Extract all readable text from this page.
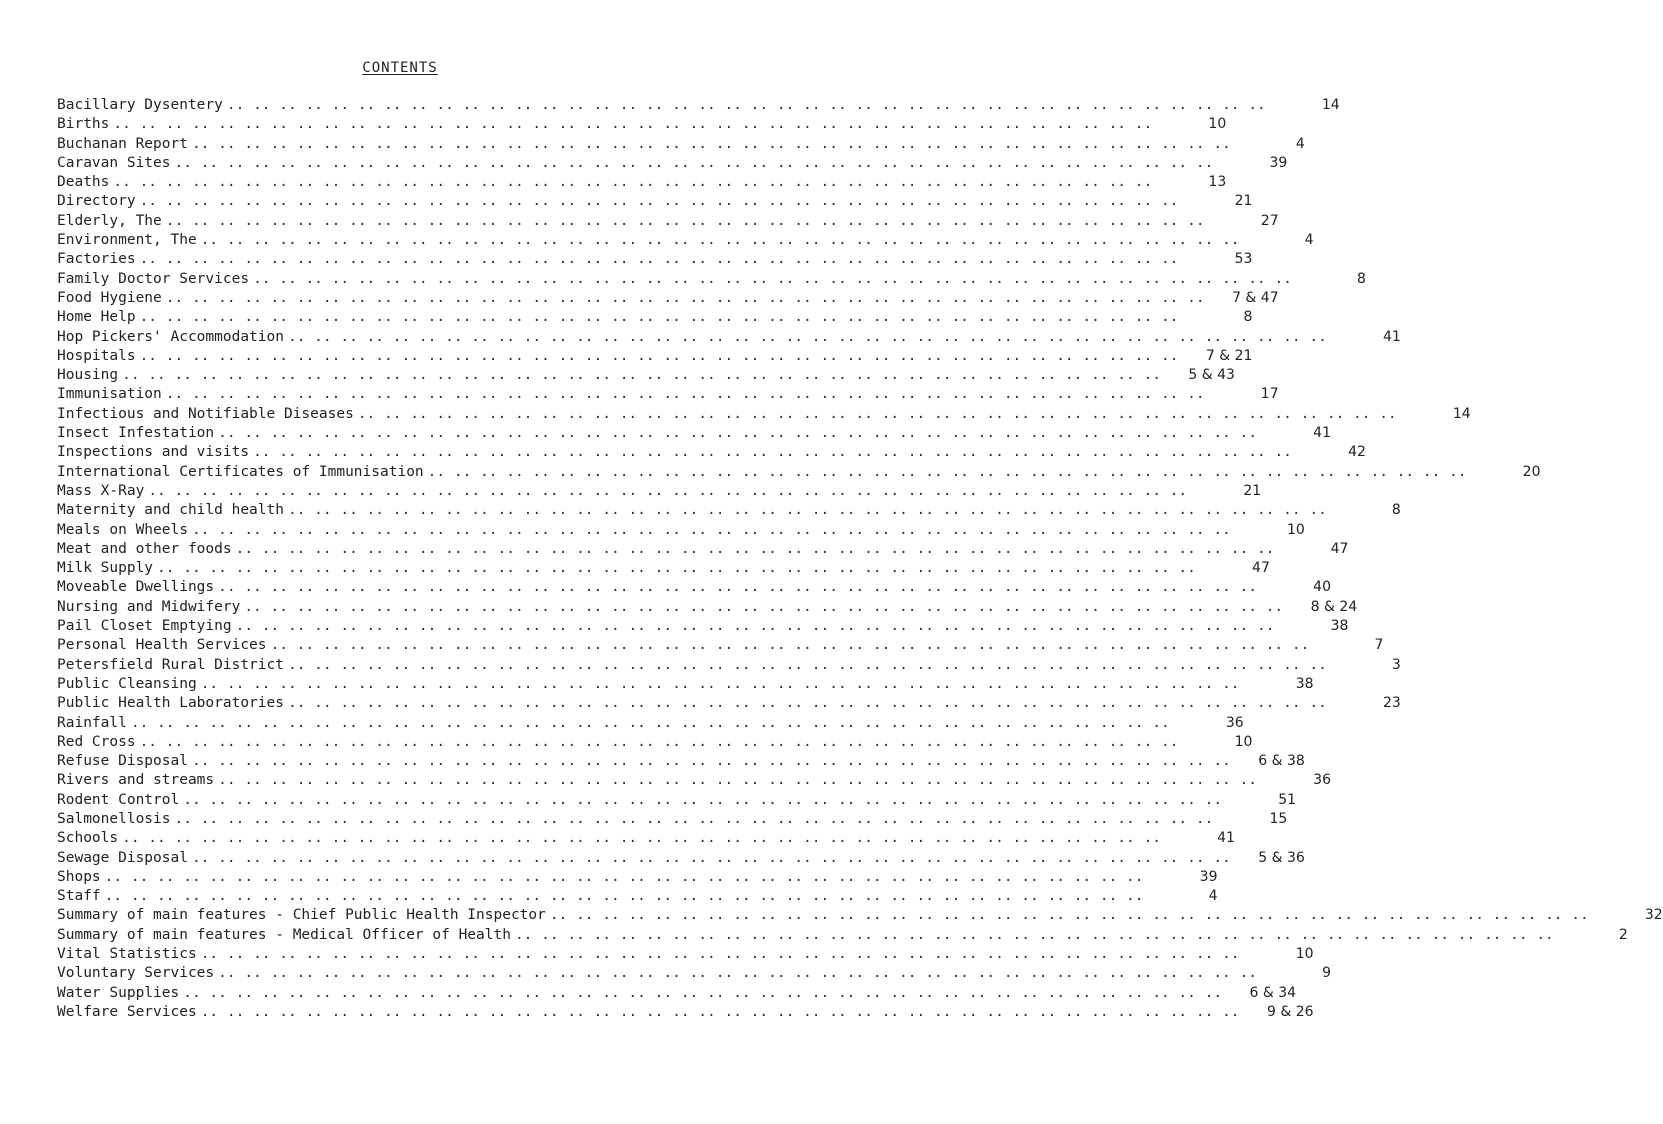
CONTENTS
Bacillary Dysentery .. .. .. .. .. .. .. .. .. .. .. .. .. .. .. .. .. .. .. .. .. .. .. .. .. .. .. .. .. .. .. .. .. .. .. .. .. .. .. ..	14
Births .. .. .. .. .. .. .. .. .. .. .. .. .. .. .. .. .. .. .. .. .. .. .. .. .. .. .. .. .. .. .. .. .. .. .. .. .. .. .. ..	10
Buchanan Report .. .. .. .. .. .. .. .. .. .. .. .. .. .. .. .. .. .. .. .. .. .. .. .. .. .. .. .. .. .. .. .. .. .. .. .. .. .. .. ..	4
Caravan Sites .. .. .. .. .. .. .. .. .. .. .. .. .. .. .. .. .. .. .. .. .. .. .. .. .. .. .. .. .. .. .. .. .. .. .. .. .. .. .. ..	39
Deaths .. .. .. .. .. .. .. .. .. .. .. .. .. .. .. .. .. .. .. .. .. .. .. .. .. .. .. .. .. .. .. .. .. .. .. .. .. .. .. ..	13
Directory .. .. .. .. .. .. .. .. .. .. .. .. .. .. .. .. .. .. .. .. .. .. .. .. .. .. .. .. .. .. .. .. .. .. .. .. .. .. .. ..	21
Elderly, The .. .. .. .. .. .. .. .. .. .. .. .. .. .. .. .. .. .. .. .. .. .. .. .. .. .. .. .. .. .. .. .. .. .. .. .. .. .. .. ..	27
Environment, The .. .. .. .. .. .. .. .. .. .. .. .. .. .. .. .. .. .. .. .. .. .. .. .. .. .. .. .. .. .. .. .. .. .. .. .. .. .. .. ..	4
Factories .. .. .. .. .. .. .. .. .. .. .. .. .. .. .. .. .. .. .. .. .. .. .. .. .. .. .. .. .. .. .. .. .. .. .. .. .. .. .. ..	53
Family Doctor Services .. .. .. .. .. .. .. .. .. .. .. .. .. .. .. .. .. .. .. .. .. .. .. .. .. .. .. .. .. .. .. .. .. .. .. .. .. .. .. ..	8
Food Hygiene .. .. .. .. .. .. .. .. .. .. .. .. .. .. .. .. .. .. .. .. .. .. .. .. .. .. .. .. .. .. .. .. .. .. .. .. .. .. .. ..	7 & 47
Home Help .. .. .. .. .. .. .. .. .. .. .. .. .. .. .. .. .. .. .. .. .. .. .. .. .. .. .. .. .. .. .. .. .. .. .. .. .. .. .. ..	8
Hop Pickers' Accommodation .. .. .. .. .. .. .. .. .. .. .. .. .. .. .. .. .. .. .. .. .. .. .. .. .. .. .. .. .. .. .. .. .. .. .. .. .. .. .. ..	41
Hospitals .. .. .. .. .. .. .. .. .. .. .. .. .. .. .. .. .. .. .. .. .. .. .. .. .. .. .. .. .. .. .. .. .. .. .. .. .. .. .. ..	7 & 21
Housing .. .. .. .. .. .. .. .. .. .. .. .. .. .. .. .. .. .. .. .. .. .. .. .. .. .. .. .. .. .. .. .. .. .. .. .. .. .. .. ..	5 & 43
Immunisation .. .. .. .. .. .. .. .. .. .. .. .. .. .. .. .. .. .. .. .. .. .. .. .. .. .. .. .. .. .. .. .. .. .. .. .. .. .. .. ..	17
Infectious and Notifiable Diseases .. .. .. .. .. .. .. .. .. .. .. .. .. .. .. .. .. .. .. .. .. .. .. .. .. .. .. .. .. .. .. .. .. .. .. .. .. .. .. ..	14
Insect Infestation .. .. .. .. .. .. .. .. .. .. .. .. .. .. .. .. .. .. .. .. .. .. .. .. .. .. .. .. .. .. .. .. .. .. .. .. .. .. .. ..	41
Inspections and visits .. .. .. .. .. .. .. .. .. .. .. .. .. .. .. .. .. .. .. .. .. .. .. .. .. .. .. .. .. .. .. .. .. .. .. .. .. .. .. ..	42
International Certificates of Immunisation .. .. .. .. .. .. .. .. .. .. .. .. .. .. .. .. .. .. .. .. .. .. .. .. .. .. .. .. .. .. .. .. .. .. .. .. .. .. .. ..	20
Mass X-Ray .. .. .. .. .. .. .. .. .. .. .. .. .. .. .. .. .. .. .. .. .. .. .. .. .. .. .. .. .. .. .. .. .. .. .. .. .. .. .. ..	21
Maternity and child health .. .. .. .. .. .. .. .. .. .. .. .. .. .. .. .. .. .. .. .. .. .. .. .. .. .. .. .. .. .. .. .. .. .. .. .. .. .. .. ..	8
Meals on Wheels .. .. .. .. .. .. .. .. .. .. .. .. .. .. .. .. .. .. .. .. .. .. .. .. .. .. .. .. .. .. .. .. .. .. .. .. .. .. .. ..	10
Meat and other foods .. .. .. .. .. .. .. .. .. .. .. .. .. .. .. .. .. .. .. .. .. .. .. .. .. .. .. .. .. .. .. .. .. .. .. .. .. .. .. ..	47
Milk Supply .. .. .. .. .. .. .. .. .. .. .. .. .. .. .. .. .. .. .. .. .. .. .. .. .. .. .. .. .. .. .. .. .. .. .. .. .. .. .. ..	47
Moveable Dwellings .. .. .. .. .. .. .. .. .. .. .. .. .. .. .. .. .. .. .. .. .. .. .. .. .. .. .. .. .. .. .. .. .. .. .. .. .. .. .. ..	40
Nursing and Midwifery .. .. .. .. .. .. .. .. .. .. .. .. .. .. .. .. .. .. .. .. .. .. .. .. .. .. .. .. .. .. .. .. .. .. .. .. .. .. .. ..	8 & 24
Pail Closet Emptying .. .. .. .. .. .. .. .. .. .. .. .. .. .. .. .. .. .. .. .. .. .. .. .. .. .. .. .. .. .. .. .. .. .. .. .. .. .. .. ..	38
Personal Health Services .. .. .. .. .. .. .. .. .. .. .. .. .. .. .. .. .. .. .. .. .. .. .. .. .. .. .. .. .. .. .. .. .. .. .. .. .. .. .. ..	7
Petersfield Rural District .. .. .. .. .. .. .. .. .. .. .. .. .. .. .. .. .. .. .. .. .. .. .. .. .. .. .. .. .. .. .. .. .. .. .. .. .. .. .. ..	3
Public Cleansing .. .. .. .. .. .. .. .. .. .. .. .. .. .. .. .. .. .. .. .. .. .. .. .. .. .. .. .. .. .. .. .. .. .. .. .. .. .. .. ..	38
Public Health Laboratories .. .. .. .. .. .. .. .. .. .. .. .. .. .. .. .. .. .. .. .. .. .. .. .. .. .. .. .. .. .. .. .. .. .. .. .. .. .. .. ..	23
Rainfall .. .. .. .. .. .. .. .. .. .. .. .. .. .. .. .. .. .. .. .. .. .. .. .. .. .. .. .. .. .. .. .. .. .. .. .. .. .. .. ..	36
Red Cross .. .. .. .. .. .. .. .. .. .. .. .. .. .. .. .. .. .. .. .. .. .. .. .. .. .. .. .. .. .. .. .. .. .. .. .. .. .. .. ..	10
Refuse Disposal .. .. .. .. .. .. .. .. .. .. .. .. .. .. .. .. .. .. .. .. .. .. .. .. .. .. .. .. .. .. .. .. .. .. .. .. .. .. .. ..	6 & 38
Rivers and streams .. .. .. .. .. .. .. .. .. .. .. .. .. .. .. .. .. .. .. .. .. .. .. .. .. .. .. .. .. .. .. .. .. .. .. .. .. .. .. ..	36
Rodent Control .. .. .. .. .. .. .. .. .. .. .. .. .. .. .. .. .. .. .. .. .. .. .. .. .. .. .. .. .. .. .. .. .. .. .. .. .. .. .. ..	51
Salmonellosis .. .. .. .. .. .. .. .. .. .. .. .. .. .. .. .. .. .. .. .. .. .. .. .. .. .. .. .. .. .. .. .. .. .. .. .. .. .. .. ..	15
Schools .. .. .. .. .. .. .. .. .. .. .. .. .. .. .. .. .. .. .. .. .. .. .. .. .. .. .. .. .. .. .. .. .. .. .. .. .. .. .. ..	41
Sewage Disposal .. .. .. .. .. .. .. .. .. .. .. .. .. .. .. .. .. .. .. .. .. .. .. .. .. .. .. .. .. .. .. .. .. .. .. .. .. .. .. ..	5 & 36
Shops .. .. .. .. .. .. .. .. .. .. .. .. .. .. .. .. .. .. .. .. .. .. .. .. .. .. .. .. .. .. .. .. .. .. .. .. .. .. .. ..	39
Staff .. .. .. .. .. .. .. .. .. .. .. .. .. .. .. .. .. .. .. .. .. .. .. .. .. .. .. .. .. .. .. .. .. .. .. .. .. .. .. ..	4
Summary of main features - Chief Public Health Inspector .. .. .. .. .. .. .. .. .. .. .. .. .. .. .. .. .. .. .. .. .. .. .. .. .. .. .. .. .. .. .. .. .. .. .. .. .. .. .. ..	32
Summary of main features - Medical Officer of Health .. .. .. .. .. .. .. .. .. .. .. .. .. .. .. .. .. .. .. .. .. .. .. .. .. .. .. .. .. .. .. .. .. .. .. .. .. .. .. ..	2
Vital Statistics .. .. .. .. .. .. .. .. .. .. .. .. .. .. .. .. .. .. .. .. .. .. .. .. .. .. .. .. .. .. .. .. .. .. .. .. .. .. .. ..	10
Voluntary Services .. .. .. .. .. .. .. .. .. .. .. .. .. .. .. .. .. .. .. .. .. .. .. .. .. .. .. .. .. .. .. .. .. .. .. .. .. .. .. ..	9
Water Supplies .. .. .. .. .. .. .. .. .. .. .. .. .. .. .. .. .. .. .. .. .. .. .. .. .. .. .. .. .. .. .. .. .. .. .. .. .. .. .. ..	6 & 34
Welfare Services .. .. .. .. .. .. .. .. .. .. .. .. .. .. .. .. .. .. .. .. .. .. .. .. .. .. .. .. .. .. .. .. .. .. .. .. .. .. .. ..	9 & 26
